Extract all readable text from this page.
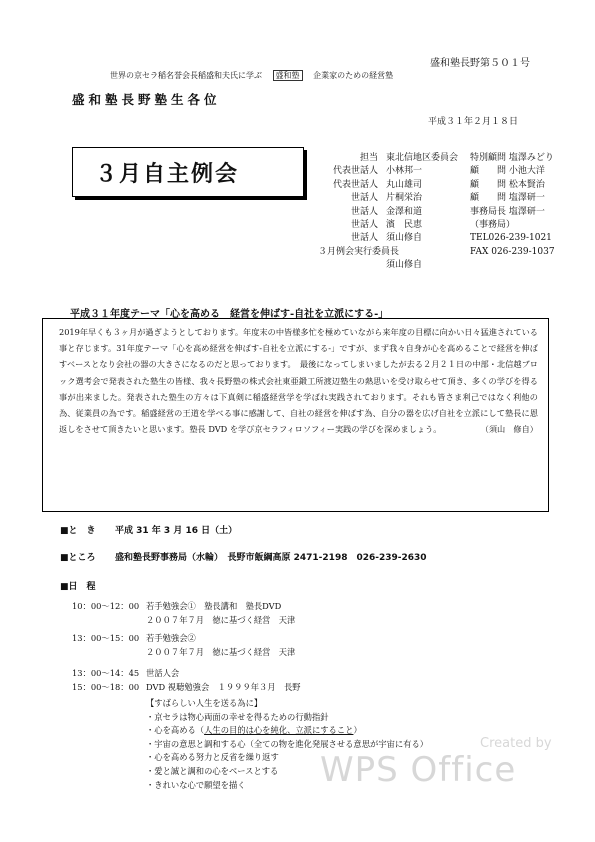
盛和塾長野第５０１号
世界の京セラ稲名誉会長稲盛和夫氏に学ぶ　 盛和塾　 企業家のための経営塾
盛和塾長野塾生各位
平成３１年２月１８日
３月自主例会
担当 東北信地区委員会
代表世話人 小林邦一
代表世話人 丸山雄司
世話人 片桐栄治
世話人 金澤和道
世話人 濱　民恵
世話人 須山修自
３月例会実行委員長
須山修自
特別顧問 塩澤みどり
顧　　問 小池大洋
顧　　問 松本賢治
顧　　問 塩澤研一
事務局長 塩澤研一
（事務局）
TEL026-239-1021
FAX 026-239-1037
平成３１年度テーマ「心を高める　経営を伸ばす‐自社を立派にする‐」

2019年早くも３ヶ月が過ぎようとしております。年度末の中皆様多忙を極めていながら来年度の目標に向かい日々猛進されている事と存じます。31年度テーマ「心を高め経営を伸ばす‐自社を立派にする‐」ですが、まず我々自身が心を高めることで経営を伸ばすベースとなり会社の器の大きさになるのだと思っております。　最後になってしまいましたが去る２月２１日の中部・北信越ブロック選考会で発表された塾生の皆様、我々長野塾の株式会社東亜鍛工所渡辺塾生の熱思いを受け取らせて頂き、多くの学びを得る事が出来ました。発表された塾生の方々は下真剣に稲盛経営学を学ばれ実践されております。それも皆さま利己ではなく利他の為、従業員の為です。稲盛経営の王道を学べる事に感謝して、自社の経営を伸ばす為、自分の器を広げ自社を立派にして塾長に恩返しをさせて頂きたいと思います。塾長 DVD を学び京セラフィロソフィー実践の学びを深めましょう。	（須山　修自）

■と　き 平成 31 年 3 月 16 日（土）
■ところ 盛和塾長野事務局（水輪）　長野市飯綱高原 2471-2198　026-239-2630
■日　程
10：00～12：00 若手勉強会①　塾長講和　塾長DVD
２００７年７月　徳に基づく経営　天津
13：00～15：00 若手勉強会②
２００７年７月　徳に基づく経営　天津
13：00～14：45 世話人会
15：00～18：00 DVD 視聴勉強会　１９９９年３月　長野
【すばらしい人生を送る為に】
・京セラは物心両面の幸せを得るための行動指針
・心を高める（人生の目的は心を純化、立派にすること）
・宇宙の意思と調和する心（全ての物を進化発展させる意思が宇宙に有る）
・心を高める努力と反省を繰り返す
・愛と誠と調和の心をベースとする
・きれいな心で願望を描く
Created by
WPS Office
